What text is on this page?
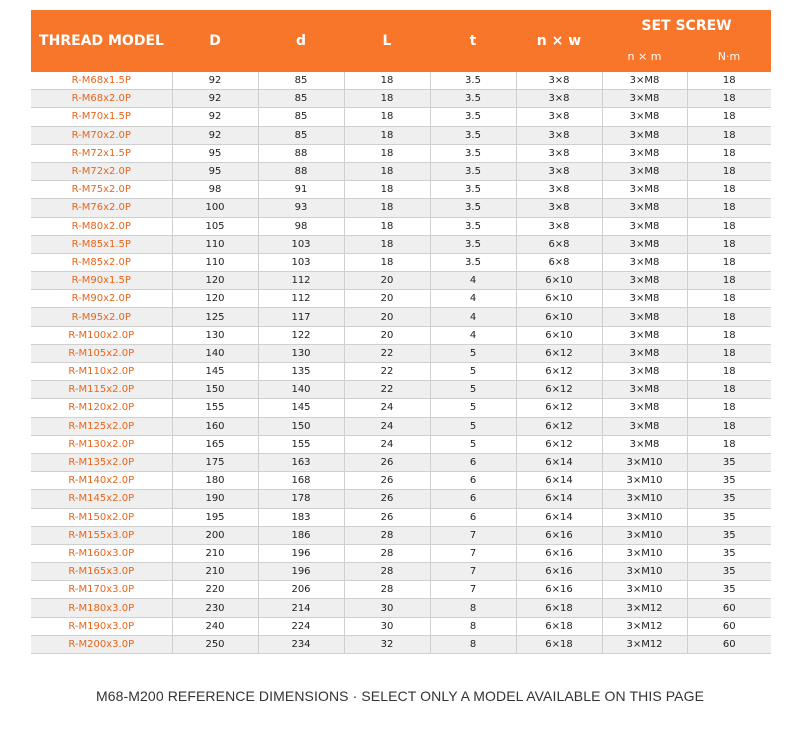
THREAD MODEL	D	d	L	t	n × w	SET SCREW	
						n × m	N·m
R-M68x1.5P	92	85	18	3.5	3×8	3×M8	18
R-M68x2.0P	92	85	18	3.5	3×8	3×M8	18
R-M70x1.5P	92	85	18	3.5	3×8	3×M8	18
R-M70x2.0P	92	85	18	3.5	3×8	3×M8	18
R-M72x1.5P	95	88	18	3.5	3×8	3×M8	18
R-M72x2.0P	95	88	18	3.5	3×8	3×M8	18
R-M75x2.0P	98	91	18	3.5	3×8	3×M8	18
R-M76x2.0P	100	93	18	3.5	3×8	3×M8	18
R-M80x2.0P	105	98	18	3.5	3×8	3×M8	18
R-M85x1.5P	110	103	18	3.5	6×8	3×M8	18
R-M85x2.0P	110	103	18	3.5	6×8	3×M8	18
R-M90x1.5P	120	112	20	4	6×10	3×M8	18
R-M90x2.0P	120	112	20	4	6×10	3×M8	18
R-M95x2.0P	125	117	20	4	6×10	3×M8	18
R-M100x2.0P	130	122	20	4	6×10	3×M8	18
R-M105x2.0P	140	130	22	5	6×12	3×M8	18
R-M110x2.0P	145	135	22	5	6×12	3×M8	18
R-M115x2.0P	150	140	22	5	6×12	3×M8	18
R-M120x2.0P	155	145	24	5	6×12	3×M8	18
R-M125x2.0P	160	150	24	5	6×12	3×M8	18
R-M130x2.0P	165	155	24	5	6×12	3×M8	18
R-M135x2.0P	175	163	26	6	6×14	3×M10	35
R-M140x2.0P	180	168	26	6	6×14	3×M10	35
R-M145x2.0P	190	178	26	6	6×14	3×M10	35
R-M150x2.0P	195	183	26	6	6×14	3×M10	35
R-M155x3.0P	200	186	28	7	6×16	3×M10	35
R-M160x3.0P	210	196	28	7	6×16	3×M10	35
R-M165x3.0P	210	196	28	7	6×16	3×M10	35
R-M170x3.0P	220	206	28	7	6×16	3×M10	35
R-M180x3.0P	230	214	30	8	6×18	3×M12	60
R-M190x3.0P	240	224	30	8	6×18	3×M12	60
R-M200x3.0P	250	234	32	8	6×18	3×M12	60
M68-M200 REFERENCE DIMENSIONS · SELECT ONLY A MODEL AVAILABLE ON THIS PAGE
